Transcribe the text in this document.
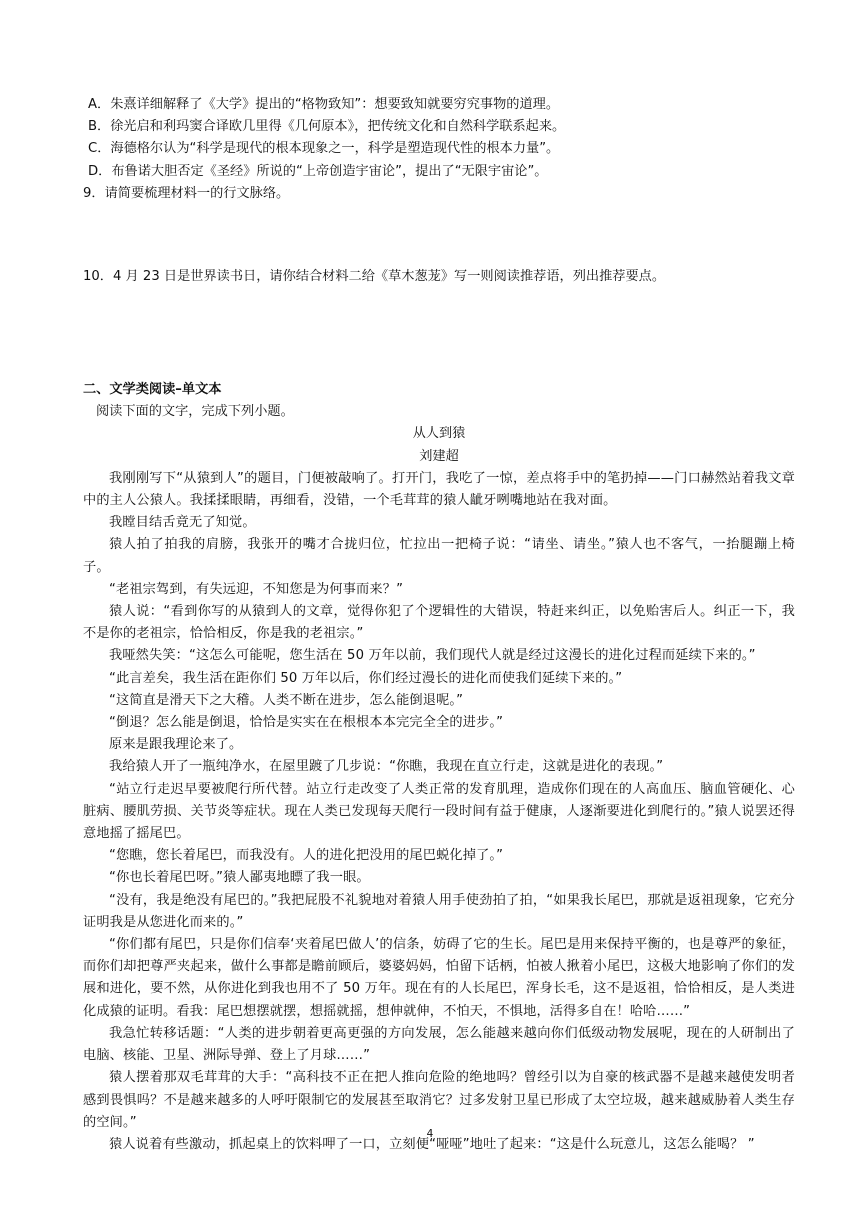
A．朱熹详细解释了《大学》提出的“格物致知”：想要致知就要穷究事物的道理。

B．徐光启和利玛窦合译欧几里得《几何原本》，把传统文化和自然科学联系起来。

C．海德格尔认为“科学是现代的根本现象之一，科学是塑造现代性的根本力量”。

D．布鲁诺大胆否定《圣经》所说的“上帝创造宇宙论”，提出了“无限宇宙论”。

9．请简要梳理材料一的行文脉络。

10．4 月 23 日是世界读书日，请你结合材料二给《草木葱茏》写一则阅读推荐语，列出推荐要点。

二、文学类阅读–单文本

阅读下面的文字，完成下列小题。

从人到猿

刘建超

我刚刚写下“从猿到人”的题目，门便被敲响了。打开门，我吃了一惊，差点将手中的笔扔掉——门口赫然站着我文章中的主人公猿人。我揉揉眼睛，再细看，没错，一个毛茸茸的猿人龇牙咧嘴地站在我对面。

我瞠目结舌竟无了知觉。

猿人拍了拍我的肩膀，我张开的嘴才合拢归位，忙拉出一把椅子说：“请坐、请坐。”猿人也不客气，一抬腿蹦上椅子。

“老祖宗驾到，有失远迎，不知您是为何事而来？”

猿人说：“看到你写的从猿到人的文章，觉得你犯了个逻辑性的大错误，特赶来纠正，以免贻害后人。纠正一下，我不是你的老祖宗，恰恰相反，你是我的老祖宗。”

我哑然失笑：“这怎么可能呢，您生活在 50 万年以前，我们现代人就是经过这漫长的进化过程而延续下来的。”

“此言差矣，我生活在距你们 50 万年以后，你们经过漫长的进化而使我们延续下来的。”

“这简直是滑天下之大稽。人类不断在进步，怎么能倒退呢。”

“倒退？怎么能是倒退，恰恰是实实在在根根本本完完全全的进步。”

原来是跟我理论来了。

我给猿人开了一瓶纯净水，在屋里踱了几步说：“你瞧，我现在直立行走，这就是进化的表现。”

“站立行走迟早要被爬行所代替。站立行走改变了人类正常的发育肌理，造成你们现在的人高血压、脑血管硬化、心脏病、腰肌劳损、关节炎等症状。现在人类已发现每天爬行一段时间有益于健康，人逐渐要进化到爬行的。”猿人说罢还得意地摇了摇尾巴。

“您瞧，您长着尾巴，而我没有。人的进化把没用的尾巴蜕化掉了。”

“你也长着尾巴呀。”猿人鄙夷地瞟了我一眼。

“没有，我是绝没有尾巴的。”我把屁股不礼貌地对着猿人用手使劲拍了拍，“如果我长尾巴，那就是返祖现象，它充分证明我是从您进化而来的。”

“你们都有尾巴，只是你们信奉‘夹着尾巴做人’的信条，妨碍了它的生长。尾巴是用来保持平衡的，也是尊严的象征，而你们却把尊严夹起来，做什么事都是瞻前顾后，婆婆妈妈，怕留下话柄，怕被人揪着小尾巴，这极大地影响了你们的发展和进化，要不然，从你进化到我也用不了 50 万年。现在有的人长尾巴，浑身长毛，这不是返祖，恰恰相反，是人类进化成猿的证明。看我：尾巴想摆就摆，想摇就摇，想伸就伸，不怕天，不惧地，活得多自在！哈哈……”

我急忙转移话题：“人类的进步朝着更高更强的方向发展，怎么能越来越向你们低级动物发展呢，现在的人研制出了电脑、核能、卫星、洲际导弹、登上了月球……”

猿人摆着那双毛茸茸的大手：“高科技不正在把人推向危险的绝地吗？曾经引以为自豪的核武器不是越来越使发明者感到畏惧吗？不是越来越多的人呼吁限制它的发展甚至取消它？过多发射卫星已形成了太空垃圾，越来越威胁着人类生存的空间。”

猿人说着有些激动，抓起桌上的饮料呷了一口，立刻便“哑哑”地吐了起来：“这是什么玩意儿，这怎么能喝？ ”

4
